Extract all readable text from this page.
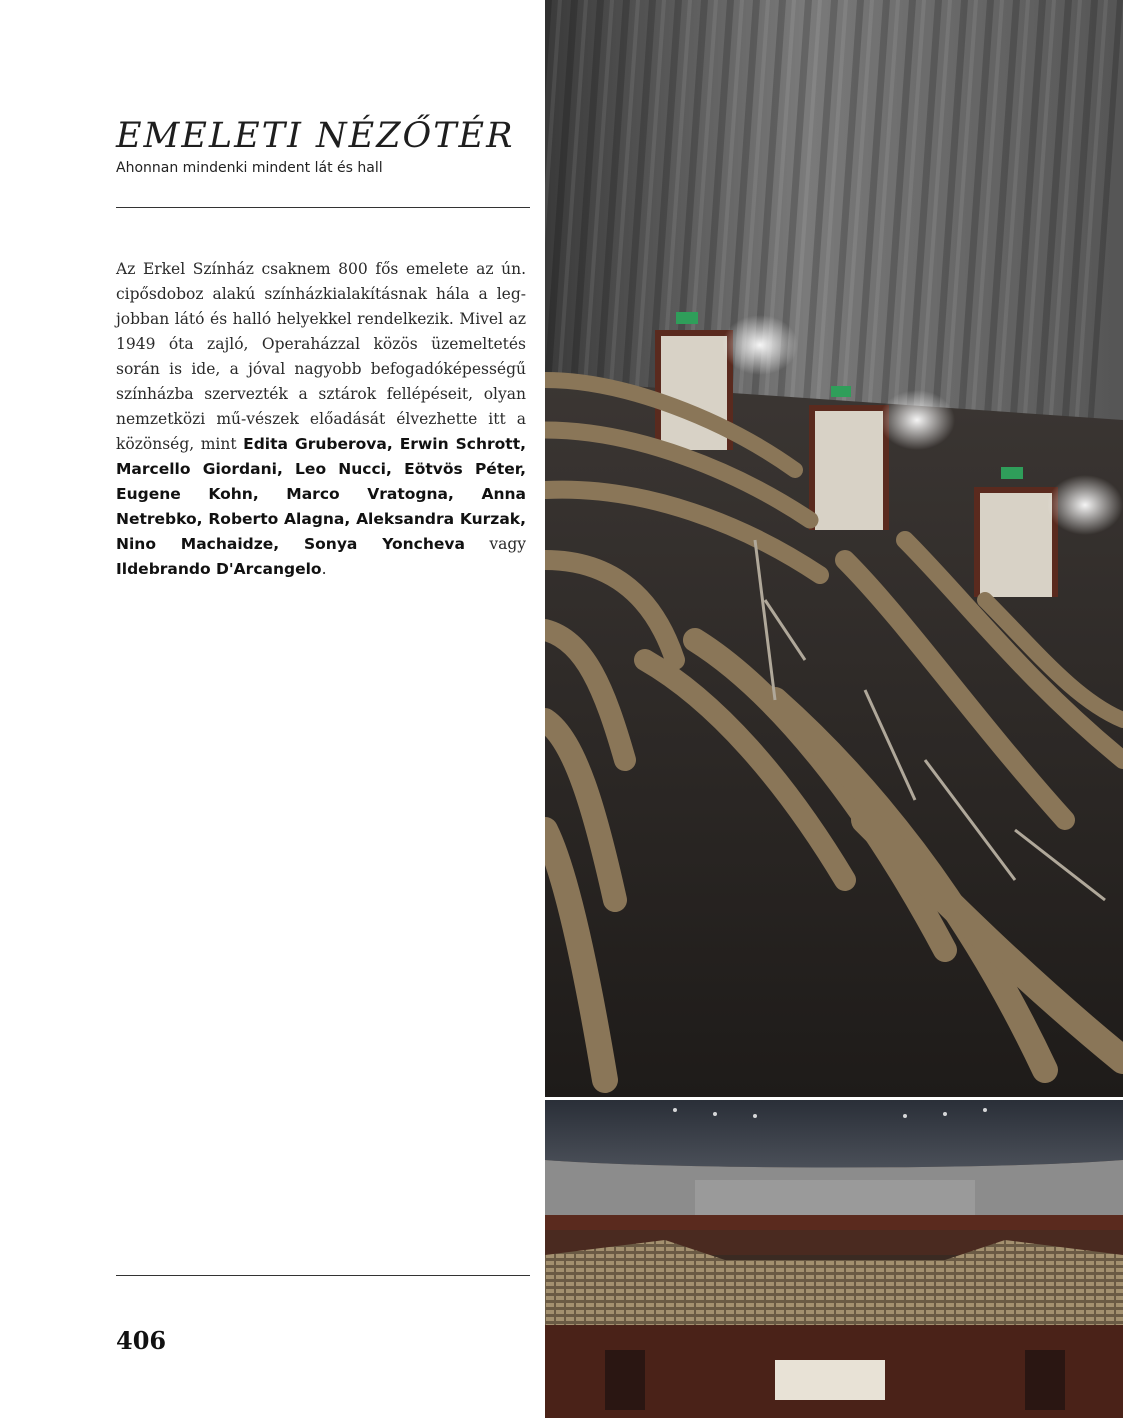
EMELETI NÉZŐTÉR

Ahonnan mindenki mindent lát és hall

Az Erkel Színház csaknem 800 fős emelete az ún. cipősdoboz alakú színházkialakításnak hála a leg-jobban látó és halló helyekkel rendelkezik. Mivel az 1949 óta zajló, Operaházzal közös üzemeltetés során is ide, a jóval nagyobb befogadóképességű színházba szervezték a sztárok fellépéseit, olyan nemzetközi mű-vészek előadását élvezhette itt a közönség, mint Edita Gruberova, Erwin Schrott, Marcello Giordani, Leo Nucci, Eötvös Péter, Eugene Kohn, Marco Vratogna, Anna Netrebko, Roberto Alagna, Aleksandra Kurzak, Nino Machaidze, Sonya Yoncheva vagy Ildebrando D'Arcangelo.

406
